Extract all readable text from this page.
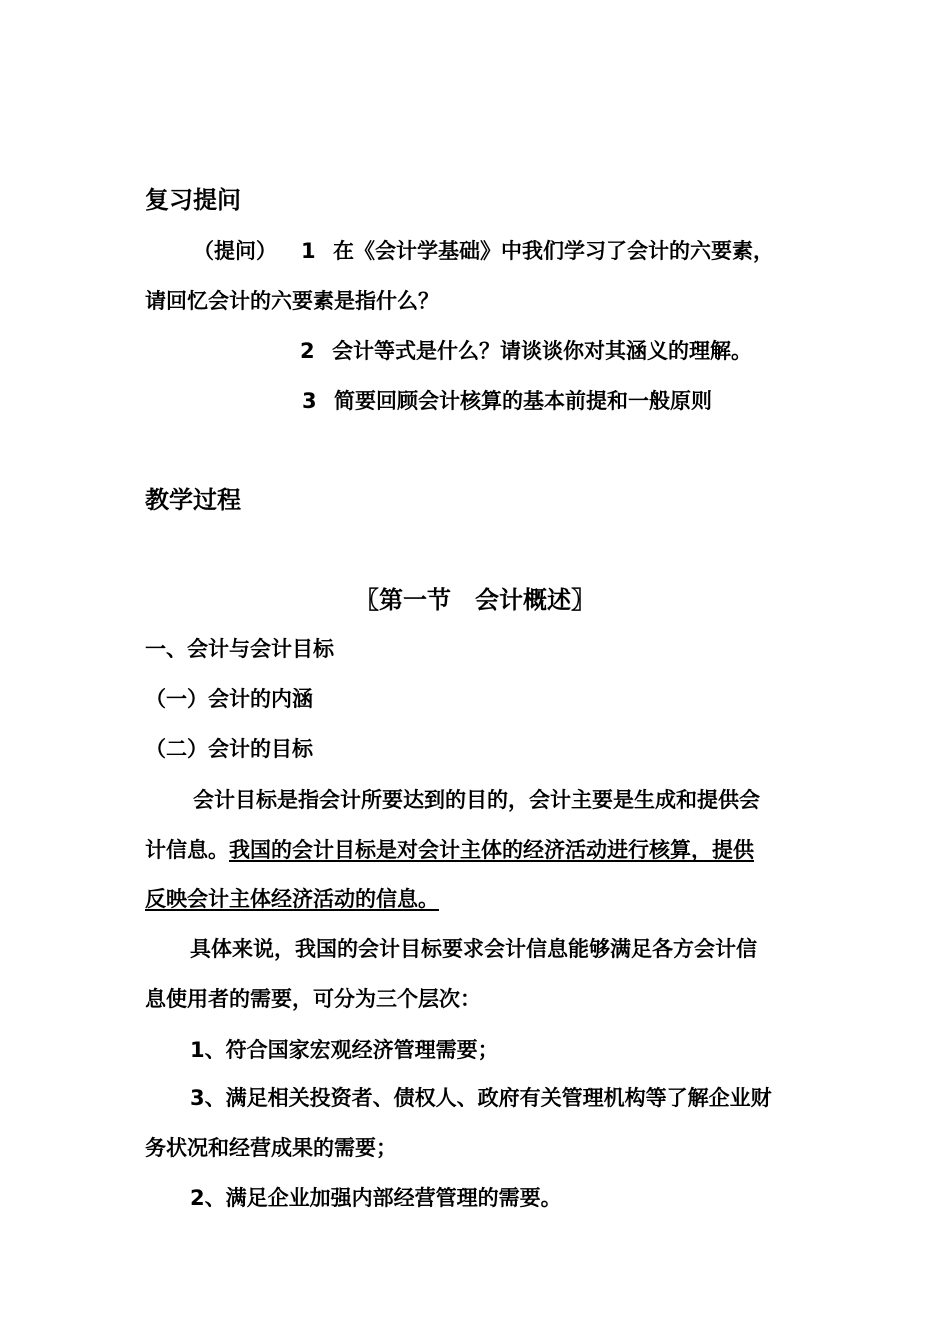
复习提问
（提问） 1 在《会计学基础》中我们学习了会计的六要素，
请回忆会计的六要素是指什么？
2 会计等式是什么？请谈谈你对其涵义的理解。
3 简要回顾会计核算的基本前提和一般原则
教学过程
〖第一节　会计概述〗
一、会计与会计目标
（一）会计的内涵
（二）会计的目标
会计目标是指会计所要达到的目的，会计主要是生成和提供会
计信息。我国的会计目标是对会计主体的经济活动进行核算，提供
反映会计主体经济活动的信息。
具体来说，我国的会计目标要求会计信息能够满足各方会计信
息使用者的需要，可分为三个层次：
1、符合国家宏观经济管理需要；
3、满足相关投资者、债权人、政府有关管理机构等了解企业财
务状况和经营成果的需要；
2、满足企业加强内部经营管理的需要。
